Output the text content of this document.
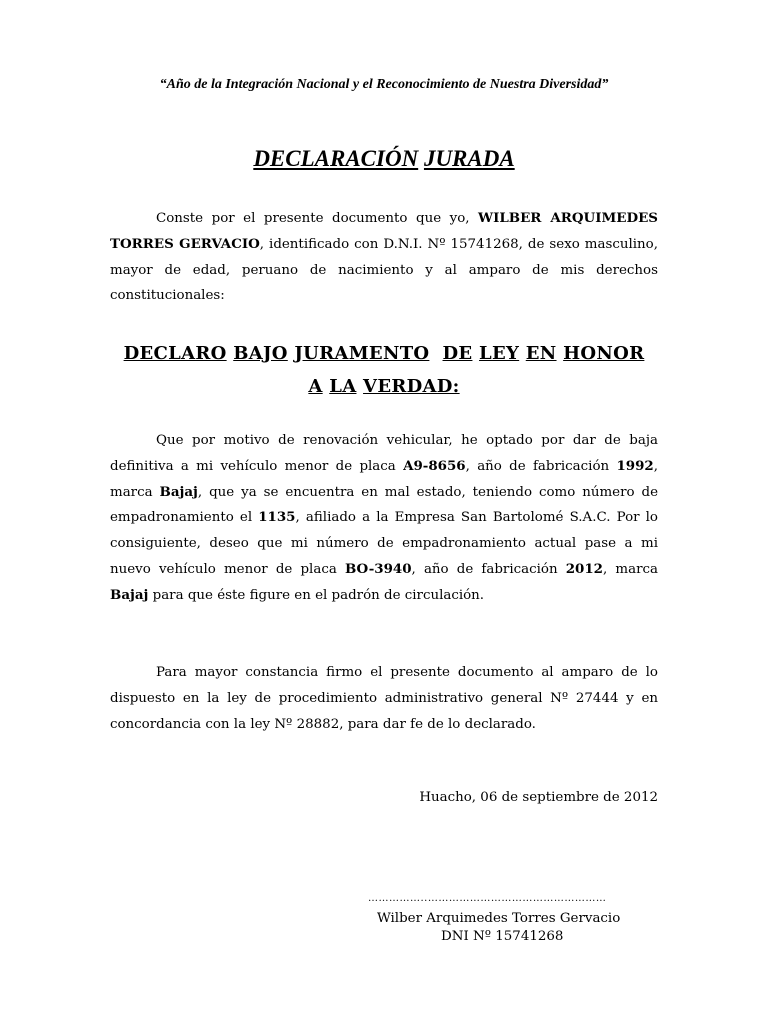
“Año de la Integración Nacional y el Reconocimiento de Nuestra Diversidad”
DECLARACIÓN JURADA

Conste por el presente documento que yo, WILBER ARQUIMEDES TORRES GERVACIO, identificado con D.N.I. Nº 15741268, de sexo masculino, mayor de edad, peruano de nacimiento y al amparo de mis derechos constitucionales:

DECLARO BAJO JURAMENTO DE LEY EN HONOR
A LA VERDAD:

Que por motivo de renovación vehicular, he optado por dar de baja definitiva a mi vehículo menor de placa A9-8656, año de fabricación 1992, marca Bajaj, que ya se encuentra en mal estado, teniendo como número de empadronamiento el 1135, afiliado a la Empresa San Bartolomé S.A.C. Por lo consiguiente, deseo que mi número de empadronamiento actual pase a mi nuevo vehículo menor de placa BO-3940, año de fabricación 2012, marca Bajaj para que éste figure en el padrón de circulación.

Para mayor constancia firmo el presente documento al amparo de lo dispuesto en la ley de procedimiento administrativo general Nº 27444 y en concordancia con la ley Nº 28882, para dar fe de lo declarado.

Huacho, 06 de septiembre de 2012
……………..……………………………………………
Wilber Arquimedes Torres Gervacio
DNI Nº 15741268
